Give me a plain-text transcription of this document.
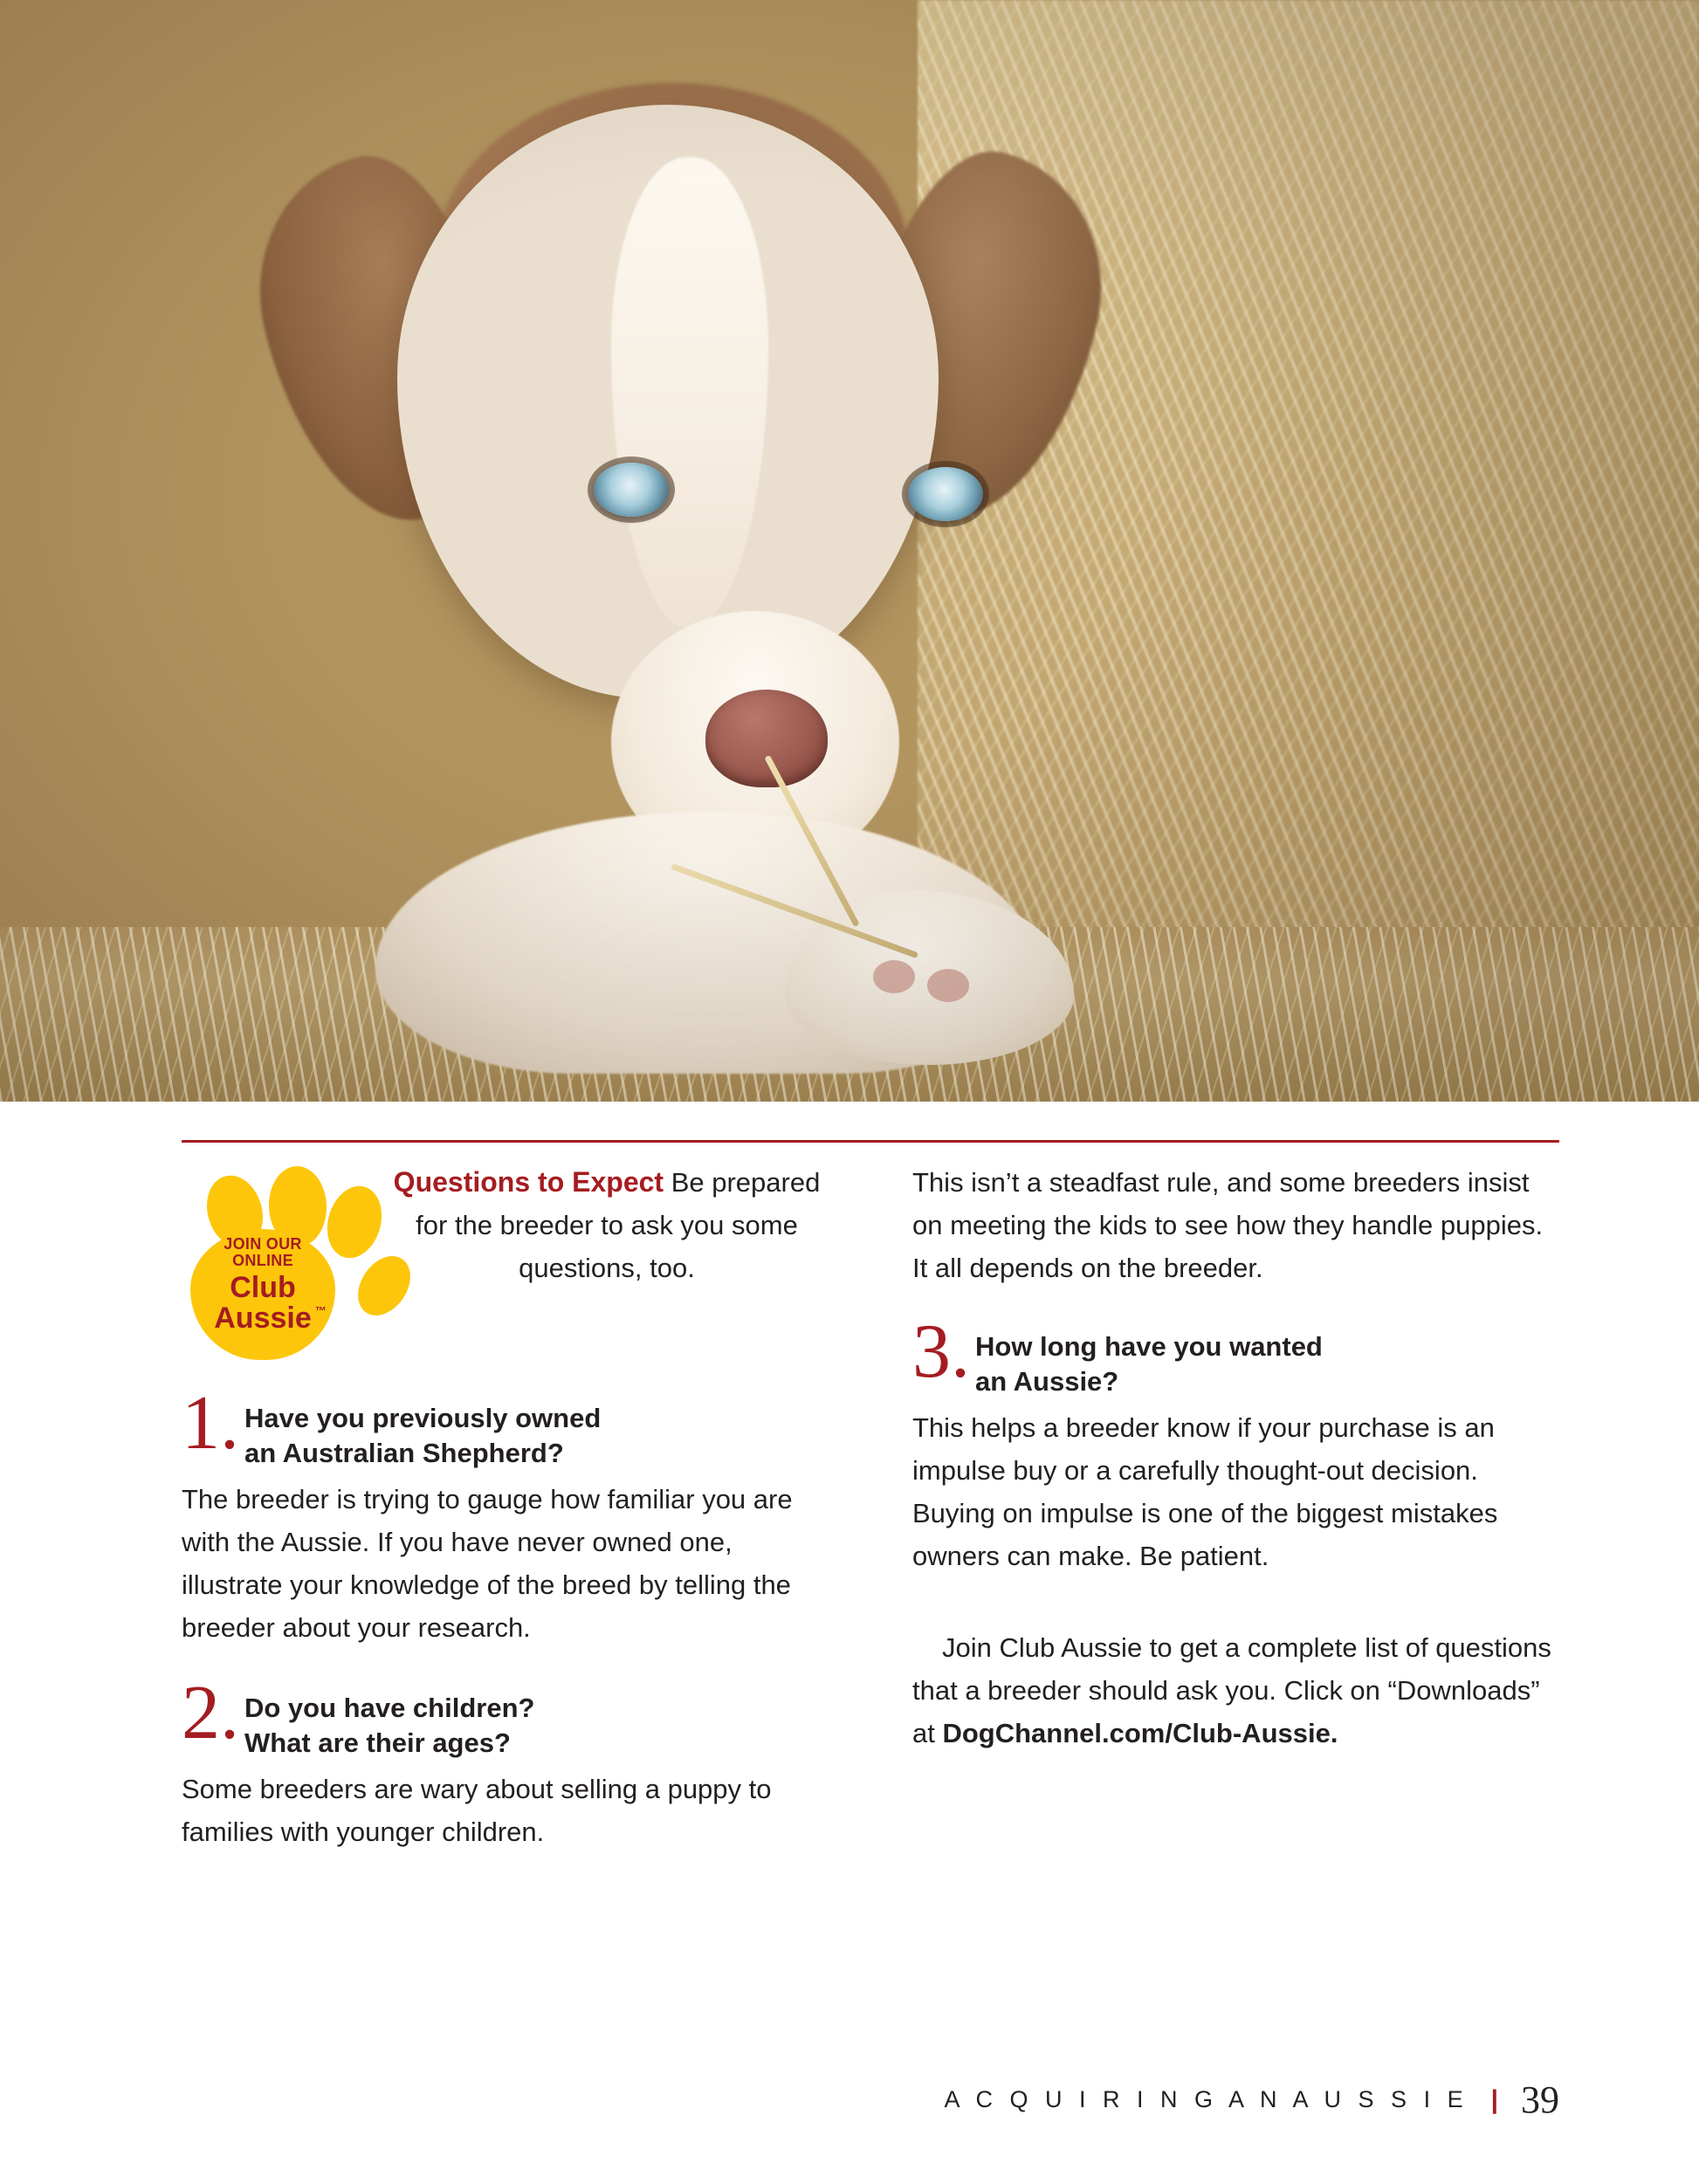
JOIN OUR
ONLINE
Club
Aussie ™
Questions to Expect Be prepared for the breeder to ask you some questions, too.
1. Have you previously owned
an Australian Shepherd?
The breeder is trying to gauge how familiar you are with the Aussie. If you have never owned one, illustrate your knowledge of the breed by telling the breeder about your research.
2. Do you have children?
What are their ages?
Some breeders are wary about selling a puppy to families with younger children.

This isn’t a steadfast rule, and some breeders insist on meeting the kids to see how they handle puppies. It all depends on the breeder.

3. How long have you wanted
an Aussie?
This helps a breeder know if your purchase is an impulse buy or a carefully thought-out decision. Buying on impulse is one of the biggest mistakes owners can make. Be patient.

Join Club Aussie to get a complete list of questions that a breeder should ask you. Click on “Downloads” at DogChannel.com/Club-Aussie.

A C Q U I R I N G A N A U S S I E | 39
